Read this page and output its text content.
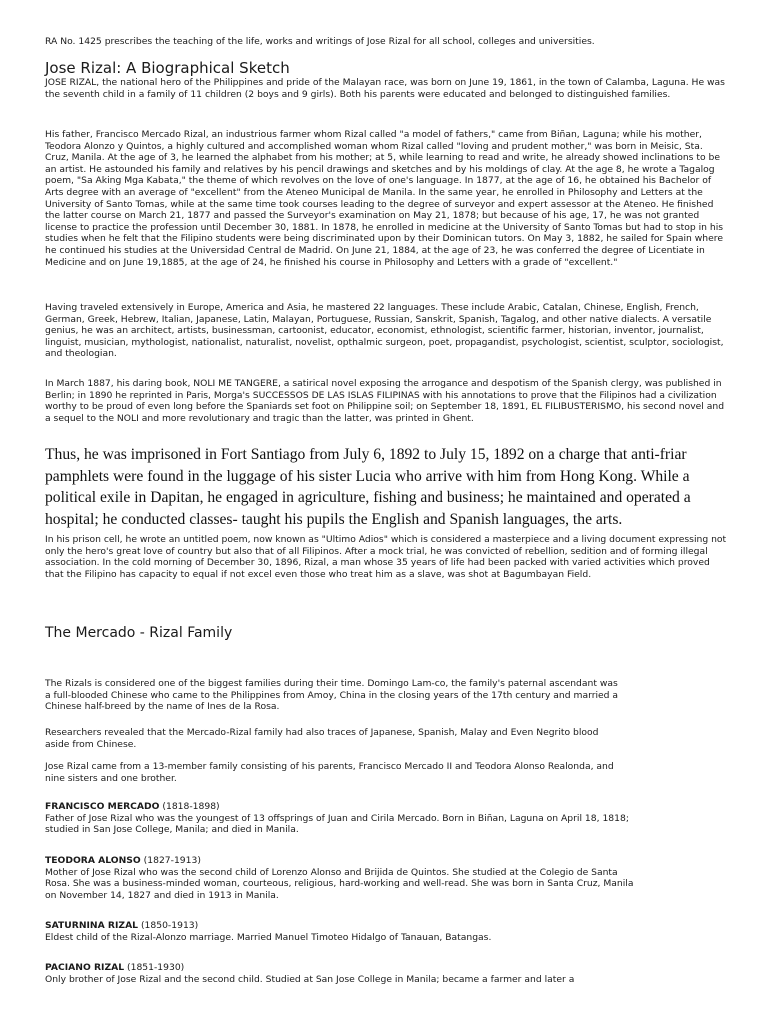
RA No. 1425 prescribes the teaching of the life, works and writings of Jose Rizal for all school, colleges and universities.

Jose Rizal: A Biographical Sketch

JOSE RIZAL, the national hero of the Philippines and pride of the Malayan race, was born on June 19, 1861, in the town of Calamba, Laguna. He was the seventh child in a family of 11 children (2 boys and 9 girls). Both his parents were educated and belonged to distinguished families.

His father, Francisco Mercado Rizal, an industrious farmer whom Rizal called "a model of fathers," came from Biñan, Laguna; while his mother, Teodora Alonzo y Quintos, a highly cultured and accomplished woman whom Rizal called "loving and prudent mother," was born in Meisic, Sta. Cruz, Manila. At the age of 3, he learned the alphabet from his mother; at 5, while learning to read and write, he already showed inclinations to be an artist. He astounded his family and relatives by his pencil drawings and sketches and by his moldings of clay. At the age 8, he wrote a Tagalog poem, "Sa Aking Mga Kabata," the theme of which revolves on the love of one's language. In 1877, at the age of 16, he obtained his Bachelor of Arts degree with an average of "excellent" from the Ateneo Municipal de Manila. In the same year, he enrolled in Philosophy and Letters at the University of Santo Tomas, while at the same time took courses leading to the degree of surveyor and expert assessor at the Ateneo. He finished the latter course on March 21, 1877 and passed the Surveyor's examination on May 21, 1878; but because of his age, 17, he was not granted license to practice the profession until December 30, 1881. In 1878, he enrolled in medicine at the University of Santo Tomas but had to stop in his studies when he felt that the Filipino students were being discriminated upon by their Dominican tutors. On May 3, 1882, he sailed for Spain where he continued his studies at the Universidad Central de Madrid. On June 21, 1884, at the age of 23, he was conferred the degree of Licentiate in Medicine and on June 19,1885, at the age of 24, he finished his course in Philosophy and Letters with a grade of "excellent."

Having traveled extensively in Europe, America and Asia, he mastered 22 languages. These include Arabic, Catalan, Chinese, English, French, German, Greek, Hebrew, Italian, Japanese, Latin, Malayan, Portuguese, Russian, Sanskrit, Spanish, Tagalog, and other native dialects. A versatile genius, he was an architect, artists, businessman, cartoonist, educator, economist, ethnologist, scientific farmer, historian, inventor, journalist, linguist, musician, mythologist, nationalist, naturalist, novelist, opthalmic surgeon, poet, propagandist, psychologist, scientist, sculptor, sociologist, and theologian.

In March 1887, his daring book, NOLI ME TANGERE, a satirical novel exposing the arrogance and despotism of the Spanish clergy, was published in Berlin; in 1890 he reprinted in Paris, Morga's SUCCESSOS DE LAS ISLAS FILIPINAS with his annotations to prove that the Filipinos had a civilization worthy to be proud of even long before the Spaniards set foot on Philippine soil; on September 18, 1891, EL FILIBUSTERISMO, his second novel and a sequel to the NOLI and more revolutionary and tragic than the latter, was printed in Ghent.

Thus, he was imprisoned in Fort Santiago from July 6, 1892 to July 15, 1892 on a charge that anti-friar pamphlets were found in the luggage of his sister Lucia who arrive with him from Hong Kong. While a political exile in Dapitan, he engaged in agriculture, fishing and business; he maintained and operated a hospital; he conducted classes- taught his pupils the English and Spanish languages, the arts.

In his prison cell, he wrote an untitled poem, now known as "Ultimo Adios" which is considered a masterpiece and a living document expressing not only the hero's great love of country but also that of all Filipinos. After a mock trial, he was convicted of rebellion, sedition and of forming illegal association. In the cold morning of December 30, 1896, Rizal, a man whose 35 years of life had been packed with varied activities which proved that the Filipino has capacity to equal if not excel even those who treat him as a slave, was shot at Bagumbayan Field.

The Mercado - Rizal Family

The Rizals is considered one of the biggest families during their time. Domingo Lam-co, the family's paternal ascendant was a full-blooded Chinese who came to the Philippines from Amoy, China in the closing years of the 17th century and married a Chinese half-breed by the name of Ines de la Rosa.

Researchers revealed that the Mercado-Rizal family had also traces of Japanese, Spanish, Malay and Even Negrito blood aside from Chinese.

Jose Rizal came from a 13-member family consisting of his parents, Francisco Mercado II and Teodora Alonso Realonda, and nine sisters and one brother.

FRANCISCO MERCADO (1818-1898)

Father of Jose Rizal who was the youngest of 13 offsprings of Juan and Cirila Mercado. Born in Biñan, Laguna on April 18, 1818; studied in San Jose College, Manila; and died in Manila.

TEODORA ALONSO (1827-1913)

Mother of Jose Rizal who was the second child of Lorenzo Alonso and Brijida de Quintos. She studied at the Colegio de Santa Rosa. She was a business-minded woman, courteous, religious, hard-working and well-read. She was born in Santa Cruz, Manila on November 14, 1827 and died in 1913 in Manila.

SATURNINA RIZAL (1850-1913)

Eldest child of the Rizal-Alonzo marriage. Married Manuel Timoteo Hidalgo of Tanauan, Batangas.

PACIANO RIZAL (1851-1930)

Only brother of Jose Rizal and the second child. Studied at San Jose College in Manila; became a farmer and later a
